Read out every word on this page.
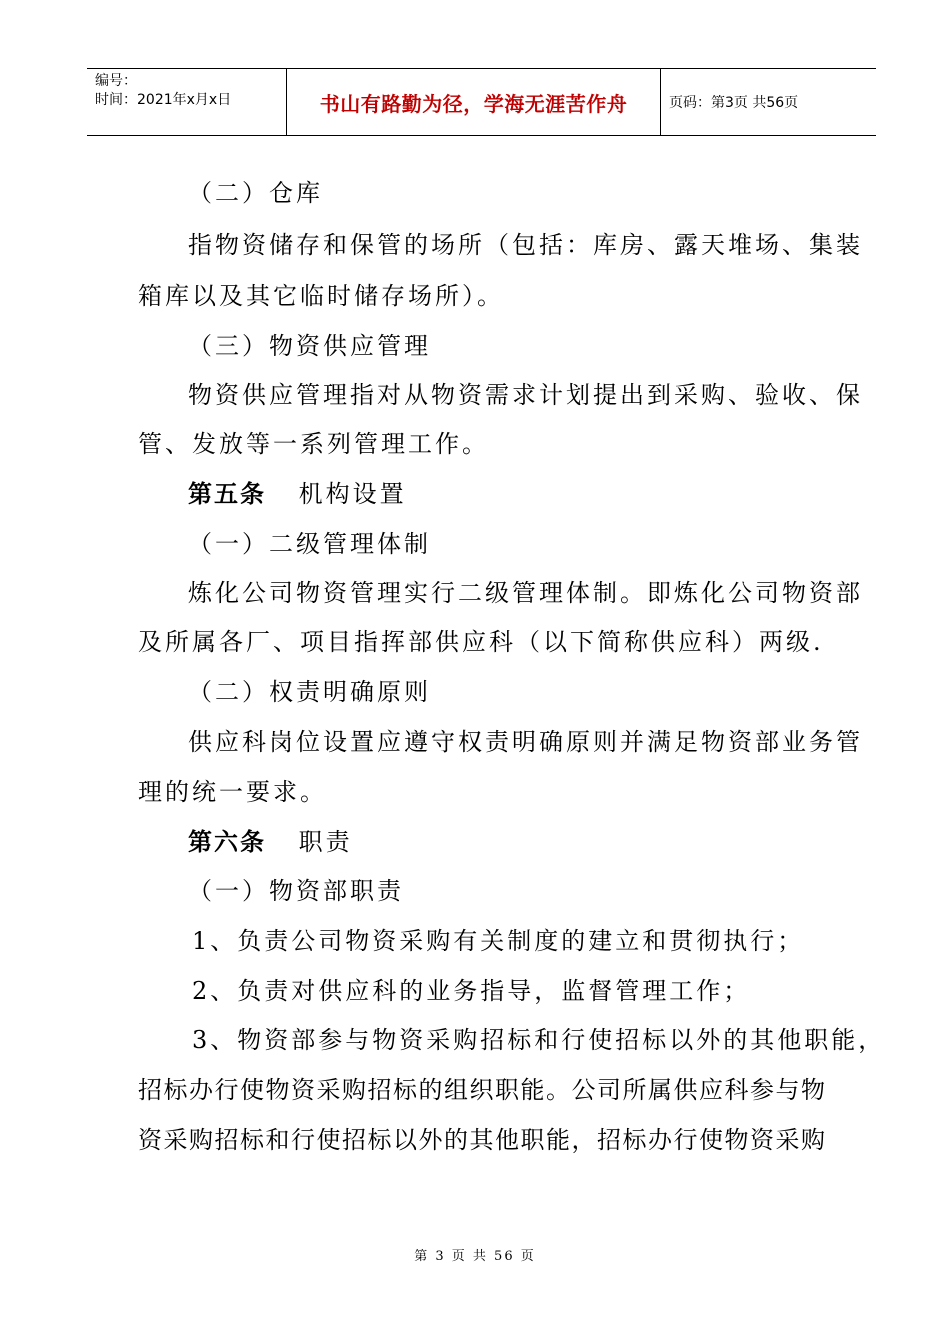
编号：
时间：2021年x月x日	书山有路勤为径，学海无涯苦作舟	页码：第3页 共56页
（二）仓库
指物资储存和保管的场所（包括：库房、露天堆场、集装
箱库以及其它临时储存场所）。
（三）物资供应管理
物资供应管理指对从物资需求计划提出到采购、验收、保
管、发放等一系列管理工作。
第五条 机构设置
（一）二级管理体制
炼化公司物资管理实行二级管理体制。即炼化公司物资部
及所属各厂、项目指挥部供应科（以下简称供应科）两级.
（二）权责明确原则
供应科岗位设置应遵守权责明确原则并满足物资部业务管
理的统一要求。
第六条 职责
（一）物资部职责
1、负责公司物资采购有关制度的建立和贯彻执行；
2、负责对供应科的业务指导，监督管理工作；
3、物资部参与物资采购招标和行使招标以外的其他职能，
招标办行使物资采购招标的组织职能。公司所属供应科参与物
资采购招标和行使招标以外的其他职能，招标办行使物资采购
第 3 页 共 56 页
